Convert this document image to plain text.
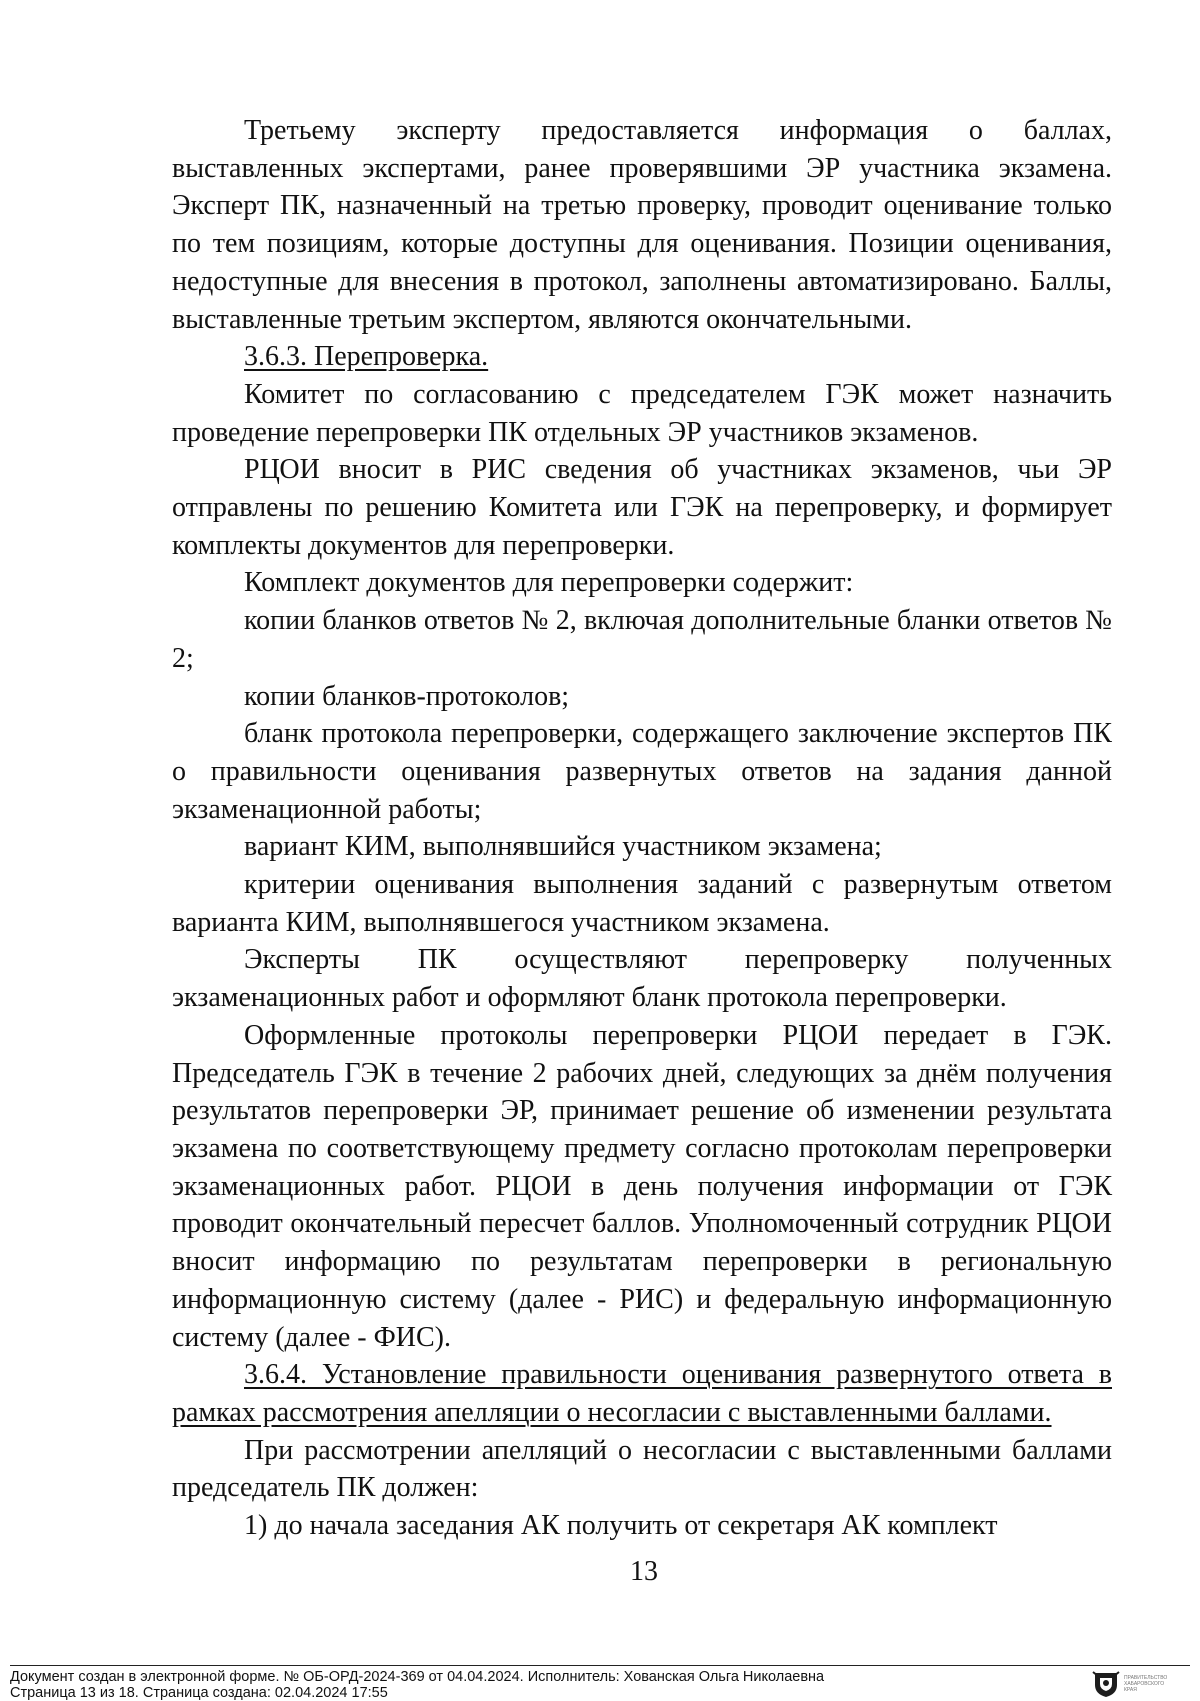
Третьему эксперту предоставляется информация о баллах, выставленных экспертами, ранее проверявшими ЭР участника экзамена. Эксперт ПК, назначенный на третью проверку, проводит оценивание только по тем позициям, которые доступны для оценивания. Позиции оценивания, недоступные для внесения в протокол, заполнены автоматизировано. Баллы, выставленные третьим экспертом, являются окончательными.

3.6.3. Перепроверка.

Комитет по согласованию с председателем ГЭК может назначить проведение перепроверки ПК отдельных ЭР участников экзаменов.

РЦОИ вносит в РИС сведения об участниках экзаменов, чьи ЭР отправлены по решению Комитета или ГЭК на перепроверку, и формирует комплекты документов для перепроверки.

Комплект документов для перепроверки содержит:

копии бланков ответов № 2, включая дополнительные бланки ответов № 2;

копии бланков-протоколов;

бланк протокола перепроверки, содержащего заключение экспертов ПК о правильности оценивания развернутых ответов на задания данной экзаменационной работы;

вариант КИМ, выполнявшийся участником экзамена;

критерии оценивания выполнения заданий с развернутым ответом варианта КИМ, выполнявшегося участником экзамена.

Эксперты ПК осуществляют перепроверку полученных экзаменационных работ и оформляют бланк протокола перепроверки.

Оформленные протоколы перепроверки РЦОИ передает в ГЭК. Председатель ГЭК в течение 2 рабочих дней, следующих за днём получения результатов перепроверки ЭР, принимает решение об изменении результата экзамена по соответствующему предмету согласно протоколам перепроверки экзаменационных работ. РЦОИ в день получения информации от ГЭК проводит окончательный пересчет баллов. Уполномоченный сотрудник РЦОИ вносит информацию по результатам перепроверки в региональную информационную систему (далее - РИС) и федеральную информационную систему (далее - ФИС).

3.6.4. Установление правильности оценивания развернутого ответа в рамках рассмотрения апелляции о несогласии с выставленными баллами.

При рассмотрении апелляций о несогласии с выставленными баллами председатель ПК должен:

1) до начала заседания АК получить от секретаря АК комплект

13
Документ создан в электронной форме. № ОБ-ОРД-2024-369 от 04.04.2024. Исполнитель: Хованская Ольга Николаевна
Страница 13 из 18. Страница создана: 02.04.2024 17:55
ПРАВИТЕЛЬСТВО
ХАБАРОВСКОГО
КРАЯ
